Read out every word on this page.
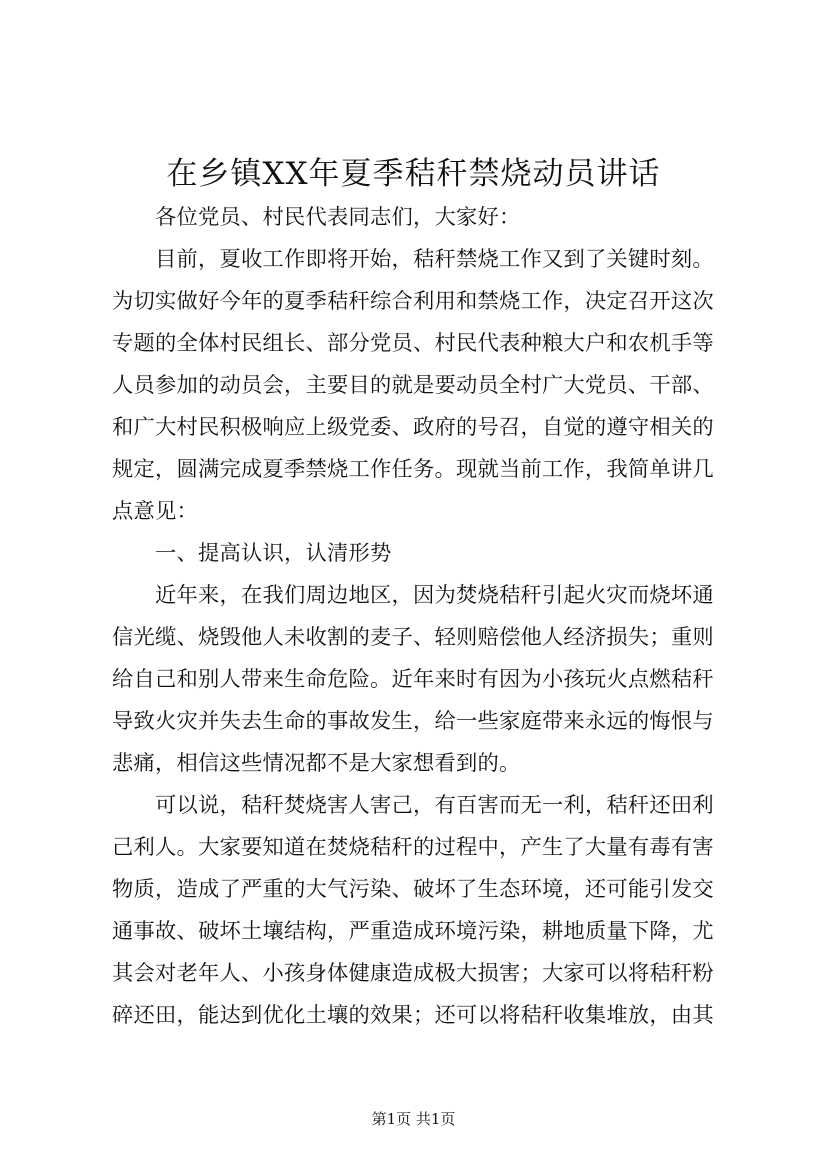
在乡镇XX年夏季秸秆禁烧动员讲话
各位党员、村民代表同志们，大家好：
目前，夏收工作即将开始，秸秆禁烧工作又到了关键时刻。
为切实做好今年的夏季秸秆综合利用和禁烧工作，决定召开这次
专题的全体村民组长、部分党员、村民代表种粮大户和农机手等
人员参加的动员会，主要目的就是要动员全村广大党员、干部、
和广大村民积极响应上级党委、政府的号召，自觉的遵守相关的
规定，圆满完成夏季禁烧工作任务。现就当前工作，我简单讲几
点意见：
一、提高认识，认清形势
近年来，在我们周边地区，因为焚烧秸秆引起火灾而烧坏通
信光缆、烧毁他人未收割的麦子、轻则赔偿他人经济损失；重则
给自己和别人带来生命危险。近年来时有因为小孩玩火点燃秸秆
导致火灾并失去生命的事故发生，给一些家庭带来永远的悔恨与
悲痛，相信这些情况都不是大家想看到的。
可以说，秸秆焚烧害人害己，有百害而无一利，秸秆还田利
己利人。大家要知道在焚烧秸秆的过程中，产生了大量有毒有害
物质，造成了严重的大气污染、破坏了生态环境，还可能引发交
通事故、破坏土壤结构，严重造成环境污染，耕地质量下降，尤
其会对老年人、小孩身体健康造成极大损害；大家可以将秸秆粉
碎还田，能达到优化土壤的效果；还可以将秸秆收集堆放，由其
第1页 共1页
